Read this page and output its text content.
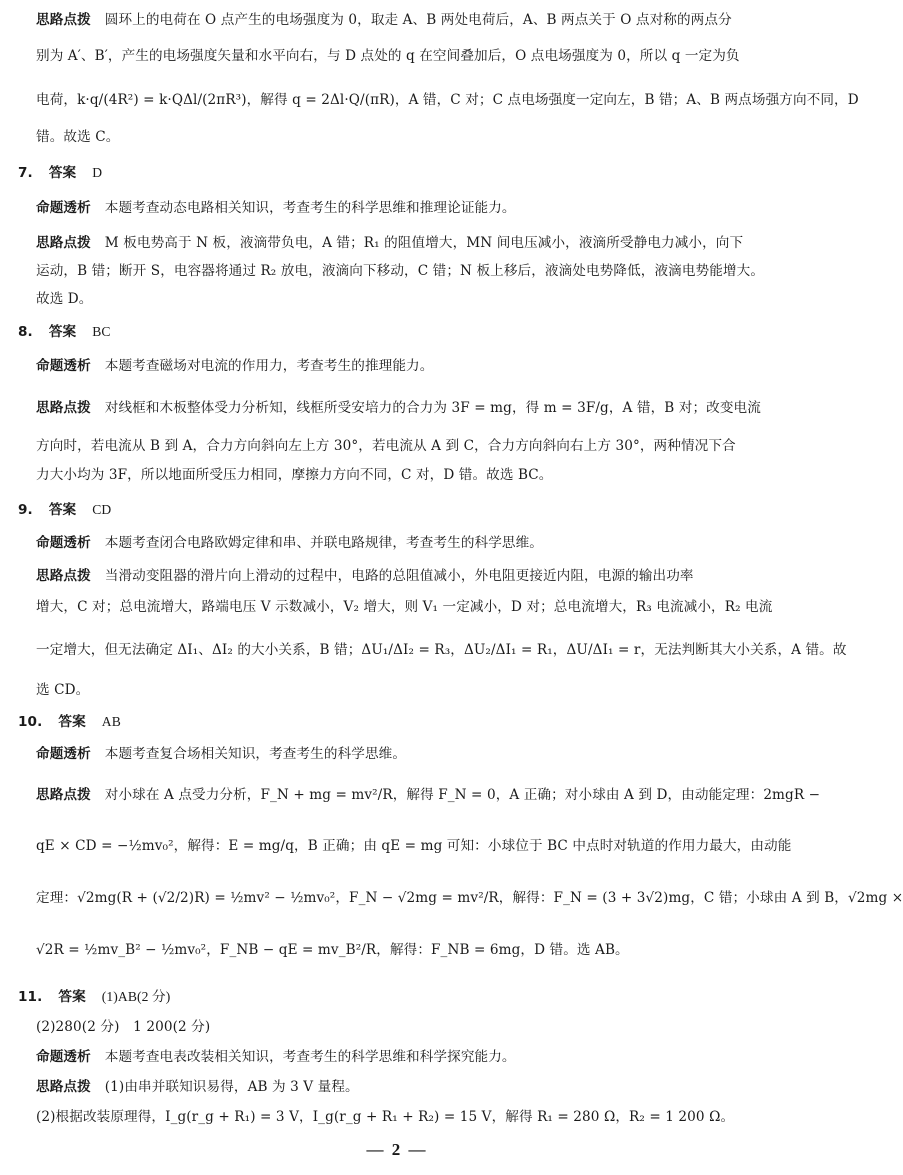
思路点拨 圆环上的电荷在 O 点产生的电场强度为 0，取走 A、B 两处电荷后，A、B 两点关于 O 点对称的两点分
别为 A′、B′，产生的电场强度矢量和水平向右，与 D 点处的 q 在空间叠加后，O 点电场强度为 0，所以 q 一定为负
电荷，k·q/(4R²) = k·QΔl/(2πR³)，解得 q = 2Δl·Q/(πR)，A 错，C 对；C 点电场强度一定向左，B 错；A、B 两点场强方向不同，D
错。故选 C。
7. 答案 D
命题透析 本题考查动态电路相关知识，考查考生的科学思维和推理论证能力。
思路点拨 M 板电势高于 N 板，液滴带负电，A 错；R₁ 的阻值增大，MN 间电压减小，液滴所受静电力减小，向下
运动，B 错；断开 S，电容器将通过 R₂ 放电，液滴向下移动，C 错；N 板上移后，液滴处电势降低，液滴电势能增大。
故选 D。
8. 答案 BC
命题透析 本题考查磁场对电流的作用力，考查考生的推理能力。
思路点拨 对线框和木板整体受力分析知，线框所受安培力的合力为 3F = mg，得 m = 3F/g，A 错，B 对；改变电流
方向时，若电流从 B 到 A，合力方向斜向左上方 30°，若电流从 A 到 C，合力方向斜向右上方 30°，两种情况下合
力大小均为 3F，所以地面所受压力相同，摩擦力方向不同，C 对，D 错。故选 BC。
9. 答案 CD
命题透析 本题考查闭合电路欧姆定律和串、并联电路规律，考查考生的科学思维。
思路点拨 当滑动变阻器的滑片向上滑动的过程中，电路的总阻值减小，外电阻更接近内阻，电源的输出功率
增大，C 对；总电流增大，路端电压 V 示数减小，V₂ 增大，则 V₁ 一定减小，D 对；总电流增大，R₃ 电流减小，R₂ 电流
一定增大，但无法确定 ΔI₁、ΔI₂ 的大小关系，B 错；ΔU₁/ΔI₂ = R₃，ΔU₂/ΔI₁ = R₁，ΔU/ΔI₁ = r，无法判断其大小关系，A 错。故
选 CD。
10. 答案 AB
命题透析 本题考查复合场相关知识，考查考生的科学思维。
思路点拨 对小球在 A 点受力分析，F_N + mg = mv²/R，解得 F_N = 0，A 正确；对小球由 A 到 D，由动能定理：2mgR −
qE × CD = −½mv₀²，解得：E = mg/q，B 正确；由 qE = mg 可知：小球位于 BC 中点时对轨道的作用力最大，由动能
定理：√2mg(R + (√2/2)R) = ½mv² − ½mv₀²，F_N − √2mg = mv²/R，解得：F_N = (3 + 3√2)mg，C 错；小球由 A 到 B，√2mg ×
√2R = ½mv_B² − ½mv₀²，F_NB − qE = mv_B²/R，解得：F_NB = 6mg，D 错。选 AB。
11. 答案 (1)AB(2 分)
(2)280(2 分)　1 200(2 分)
命题透析 本题考查电表改装相关知识，考查考生的科学思维和科学探究能力。
思路点拨 (1)由串并联知识易得，AB 为 3 V 量程。
(2)根据改装原理得，I_g(r_g + R₁) = 3 V，I_g(r_g + R₁ + R₂) = 15 V，解得 R₁ = 280 Ω，R₂ = 1 200 Ω。
— 2 —
